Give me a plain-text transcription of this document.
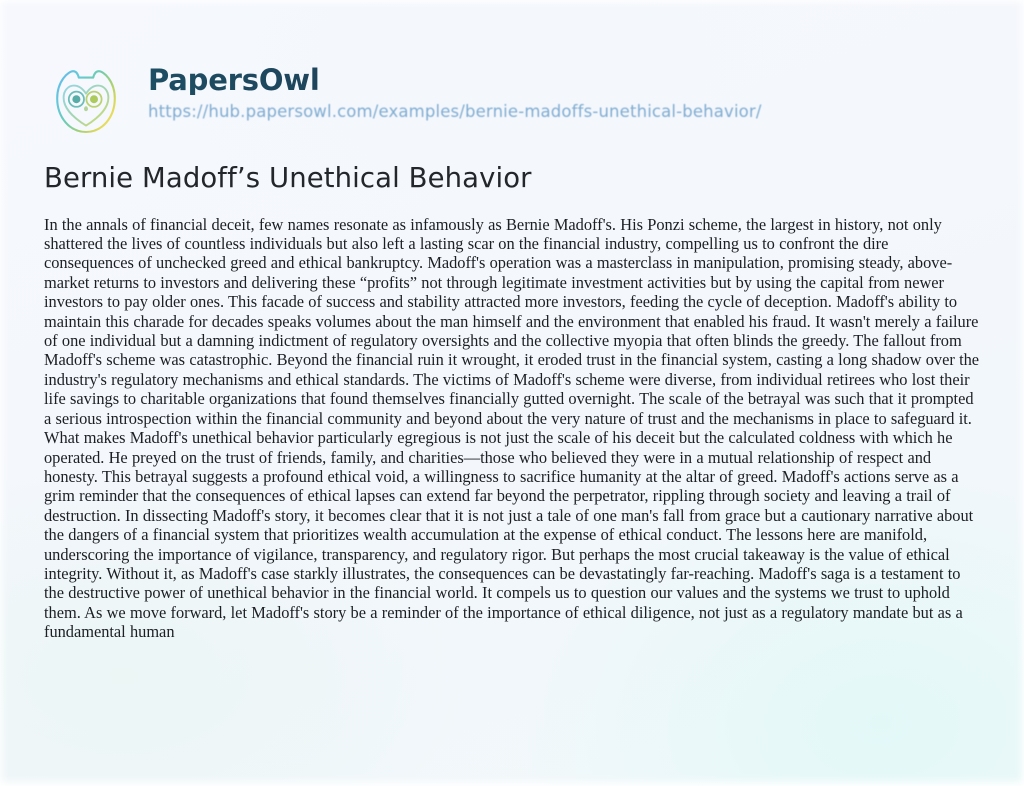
PapersOwl
https://hub.papersowl.com/examples/bernie-madoffs-unethical-behavior/
Bernie Madoff’s Unethical Behavior

In the annals of financial deceit, few names resonate as infamously as Bernie Madoff's. His Ponzi scheme, the largest in history, not only shattered the lives of countless individuals but also left a lasting scar on the financial industry, compelling us to confront the dire consequences of unchecked greed and ethical bankruptcy. Madoff's operation was a masterclass in manipulation, promising steady, above-market returns to investors and delivering these “profits” not through legitimate investment activities but by using the capital from newer investors to pay older ones. This facade of success and stability attracted more investors, feeding the cycle of deception. Madoff's ability to maintain this charade for decades speaks volumes about the man himself and the environment that enabled his fraud. It wasn't merely a failure of one individual but a damning indictment of regulatory oversights and the collective myopia that often blinds the greedy. The fallout from Madoff's scheme was catastrophic. Beyond the financial ruin it wrought, it eroded trust in the financial system, casting a long shadow over the industry's regulatory mechanisms and ethical standards. The victims of Madoff's scheme were diverse, from individual retirees who lost their life savings to charitable organizations that found themselves financially gutted overnight. The scale of the betrayal was such that it prompted a serious introspection within the financial community and beyond about the very nature of trust and the mechanisms in place to safeguard it. What makes Madoff's unethical behavior particularly egregious is not just the scale of his deceit but the calculated coldness with which he operated. He preyed on the trust of friends, family, and charities—those who believed they were in a mutual relationship of respect and honesty. This betrayal suggests a profound ethical void, a willingness to sacrifice humanity at the altar of greed. Madoff's actions serve as a grim reminder that the consequences of ethical lapses can extend far beyond the perpetrator, rippling through society and leaving a trail of destruction. In dissecting Madoff's story, it becomes clear that it is not just a tale of one man's fall from grace but a cautionary narrative about the dangers of a financial system that prioritizes wealth accumulation at the expense of ethical conduct. The lessons here are manifold, underscoring the importance of vigilance, transparency, and regulatory rigor. But perhaps the most crucial takeaway is the value of ethical integrity. Without it, as Madoff's case starkly illustrates, the consequences can be devastatingly far-reaching. Madoff's saga is a testament to the destructive power of unethical behavior in the financial world. It compels us to question our values and the systems we trust to uphold them. As we move forward, let Madoff's story be a reminder of the importance of ethical diligence, not just as a regulatory mandate but as a fundamental human
